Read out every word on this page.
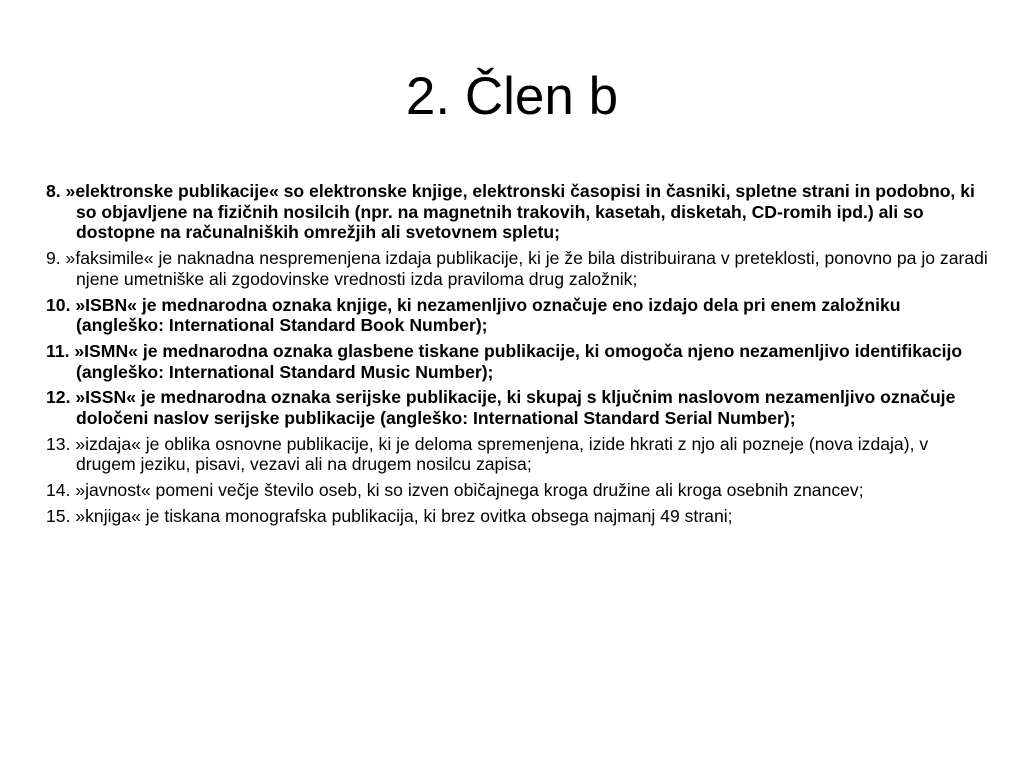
2. Člen b
8. »elektronske publikacije« so elektronske knjige, elektronski časopisi in časniki, spletne strani in podobno, ki so objavljene na fizičnih nosilcih (npr. na magnetnih trakovih, kasetah, disketah, CD-romih ipd.) ali so dostopne na računalniških omrežjih ali svetovnem spletu;
9. »faksimile« je naknadna nespremenjena izdaja publikacije, ki je že bila distribuirana v preteklosti, ponovno pa jo zaradi njene umetniške ali zgodovinske vrednosti izda praviloma drug založnik;
10. »ISBN« je mednarodna oznaka knjige, ki nezamenljivo označuje eno izdajo dela pri enem založniku (angleško: International Standard Book Number);
11. »ISMN« je mednarodna oznaka glasbene tiskane publikacije, ki omogoča njeno nezamenljivo identifikacijo (angleško: International Standard Music Number);
12. »ISSN« je mednarodna oznaka serijske publikacije, ki skupaj s ključnim naslovom nezamenljivo označuje določeni naslov serijske publikacije (angleško: International Standard Serial Number);
13. »izdaja« je oblika osnovne publikacije, ki je deloma spremenjena, izide hkrati z njo ali pozneje (nova izdaja), v drugem jeziku, pisavi, vezavi ali na drugem nosilcu zapisa;
14. »javnost« pomeni večje število oseb, ki so izven običajnega kroga družine ali kroga osebnih znancev;
15. »knjiga« je tiskana monografska publikacija, ki brez ovitka obsega najmanj 49 strani;
